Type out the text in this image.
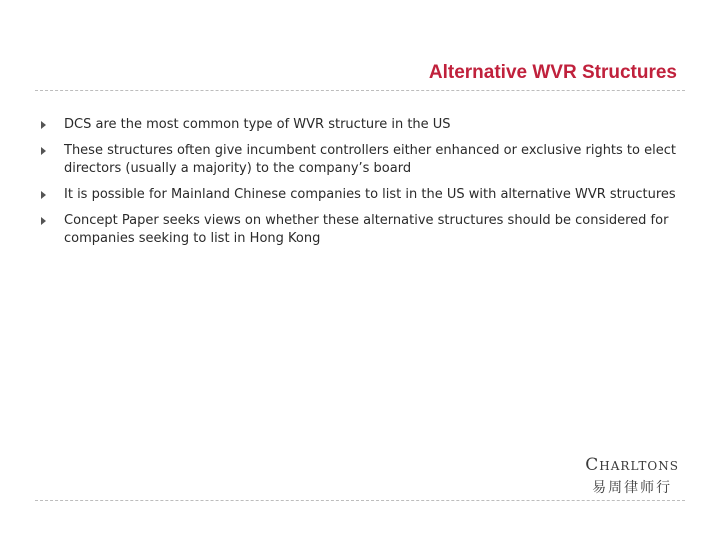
Alternative WVR Structures
DCS are the most common type of WVR structure in the US
These structures often give incumbent controllers either enhanced or exclusive rights to elect directors (usually a majority) to the company’s board
It is possible for Mainland Chinese companies to list in the US with alternative WVR structures
Concept Paper seeks views on whether these alternative structures should be considered for companies seeking to list in Hong Kong
Charltons
易周律师行
